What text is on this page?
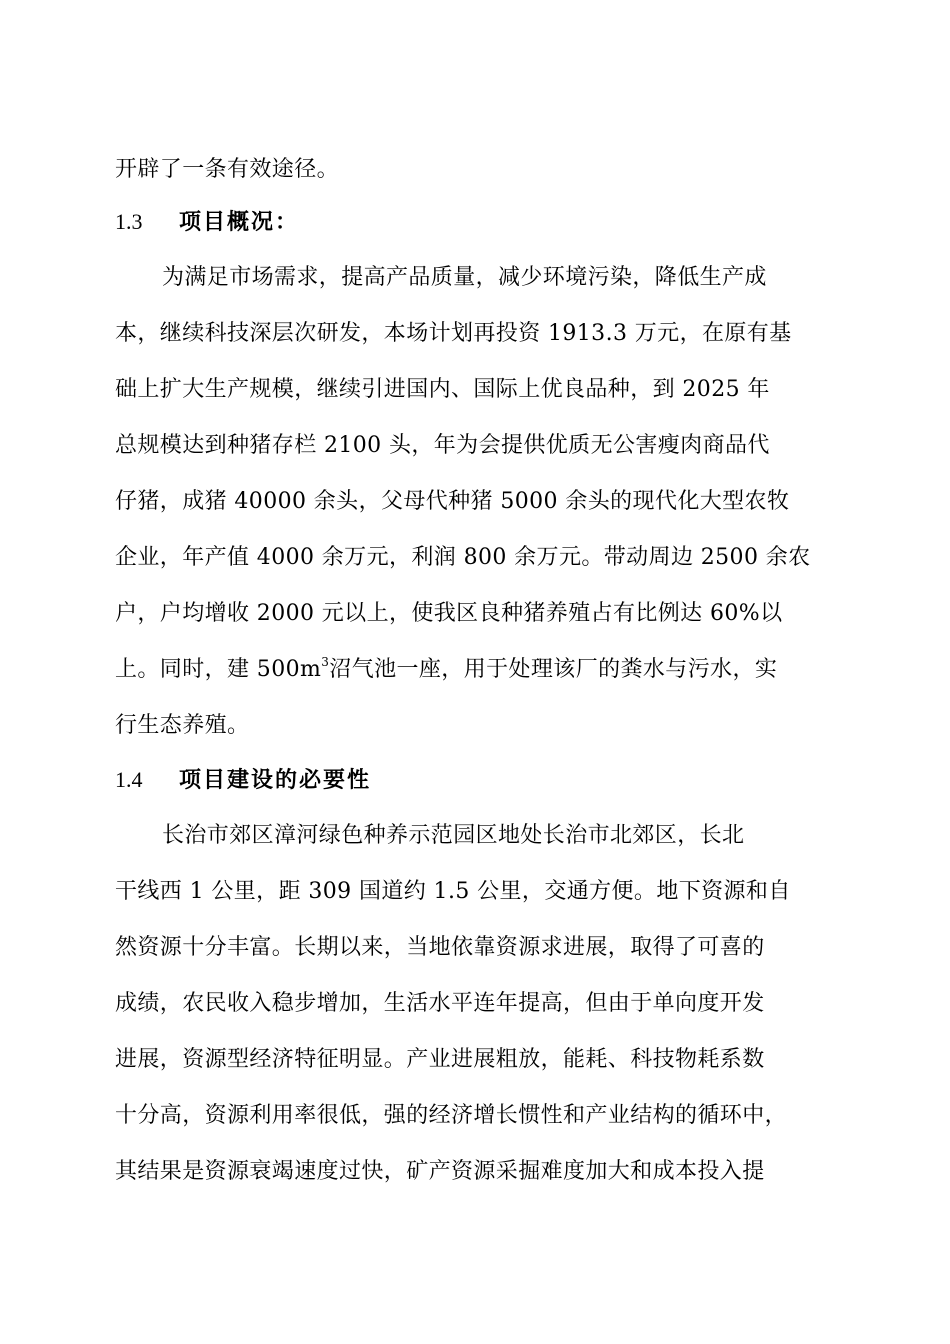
开辟了一条有效途径。
1.3 项目概况：
为满足市场需求，提高产品质量，减少环境污染，降低生产成
本，继续科技深层次研发，本场计划再投资 1913.3 万元，在原有基
础上扩大生产规模，继续引进国内、国际上优良品种，到 2025 年
总规模达到种猪存栏 2100 头，年为会提供优质无公害瘦肉商品代
仔猪，成猪 40000 余头，父母代种猪 5000 余头的现代化大型农牧
企业，年产值 4000 余万元，利润 800 余万元。带动周边 2500 余农
户，户均增收 2000 元以上，使我区良种猪养殖占有比例达 60%以
上。同时，建 $500m^3$沼气池一座，用于处理该厂的粪水与污水，实
行生态养殖。
1.4 项目建设的必要性
长治市郊区漳河绿色种养示范园区地处长治市北郊区，长北
干线西 1 公里，距 309 国道约 1.5 公里，交通方便。地下资源和自
然资源十分丰富。长期以来，当地依靠资源求进展，取得了可喜的
成绩，农民收入稳步增加，生活水平连年提高，但由于单向度开发
进展，资源型经济特征明显。产业进展粗放，能耗、科技物耗系数
十分高，资源利用率很低，强的经济增长惯性和产业结构的循环中，
其结果是资源衰竭速度过快，矿产资源采掘难度加大和成本投入提
